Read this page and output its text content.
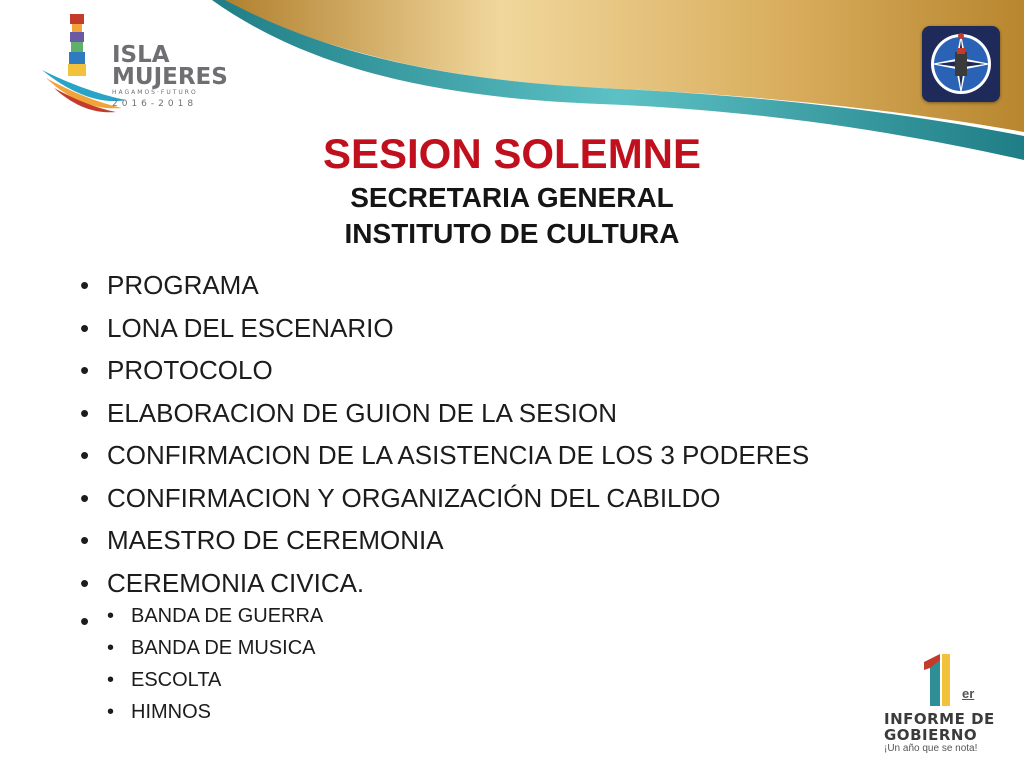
ISLA
MUJERES
HAGAMOS·FUTURO
2016-2018
SESION SOLEMNE
SECRETARIA GENERAL
INSTITUTO DE CULTURA
• PROGRAMA
• LONA DEL ESCENARIO
• PROTOCOLO
• ELABORACION DE GUION DE LA SESION
• CONFIRMACION DE LA ASISTENCIA DE LOS 3 PODERES
• CONFIRMACION Y ORGANIZACIÓN DEL CABILDO
• MAESTRO DE CEREMONIA
• CEREMONIA CIVICA.
• • BANDA DE GUERRA
• BANDA DE MUSICA
• ESCOLTA
• HIMNOS
er
INFORME DE
GOBIERNO
¡Un año que se nota!
